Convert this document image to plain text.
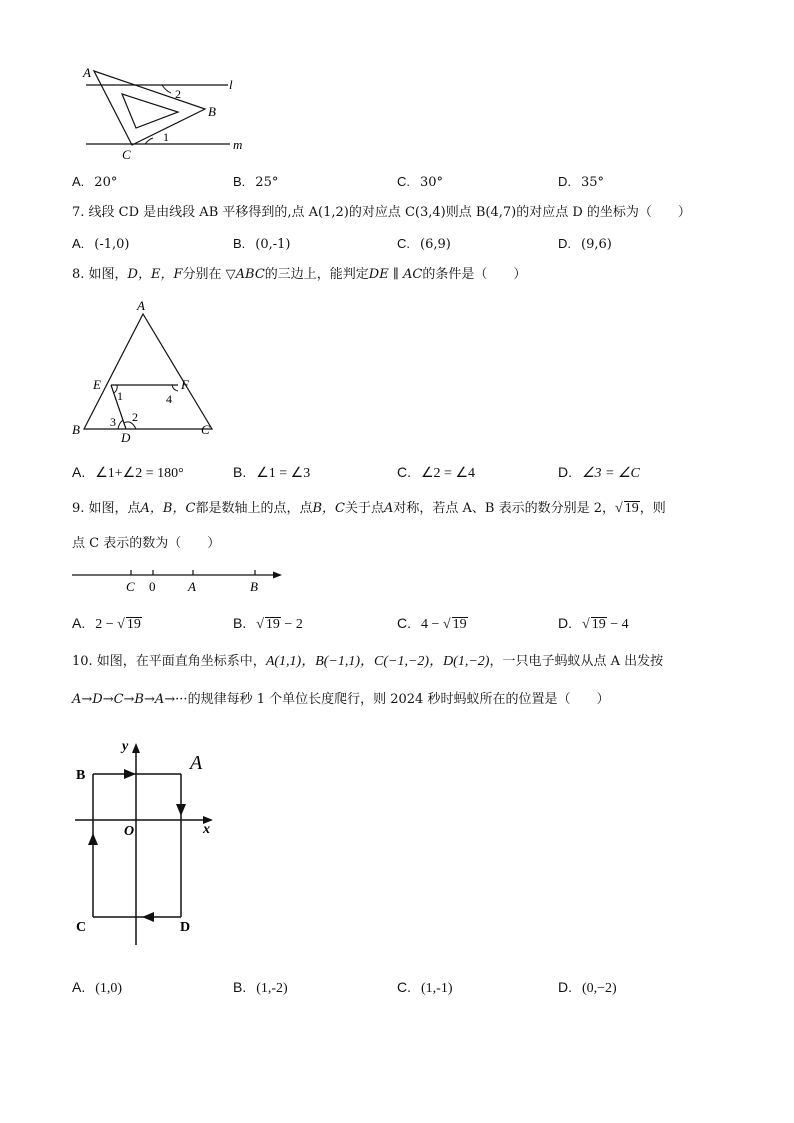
A
l
2
B
1	m
C
A. 20°	B. 25°	C. 30°	D. 35°
7. 线段 CD 是由线段 AB 平移得到的,点 A(1,2)的对应点 C(3,4)则点 B(4,7)的对应点 D 的坐标为（　　）
A. (-1,0)	B. (0,-1)	C. (6,9)	D. (9,6)
8. 如图，D，E，F分别在 ▽ABC的三边上，能判定DE ∥ AC的条件是（　　）
A
E	F
1	4
3 2
B	C
D
A. ∠1+∠2 = 180°	B. ∠1 = ∠3	C. ∠2 = ∠4	D. ∠3 = ∠C
9. 如图，点A，B，C都是数轴上的点，点B，C关于点A对称，若点 A、B 表示的数分别是 2，√ 19，则
点 C 表示的数为（　　）
C 0	A	B
A. 2 − √ 19	B. √ 19 − 2	C. 4 − √ 19	D. √ 19 − 4
10. 如图，在平面直角坐标系中，A(1,1)，B(−1,1)，C(−1,−2)，D(1,−2)，一只电子蚂蚁从点 A 出发按
A→D→C→B→A→···的规律每秒 1 个单位长度爬行，则 2024 秒时蚂蚁所在的位置是（　　）
y
A
B
O	x
C	D
A. (1,0)	B. (1,‑2)	C. (1,‑1)	D. (0,−2)
